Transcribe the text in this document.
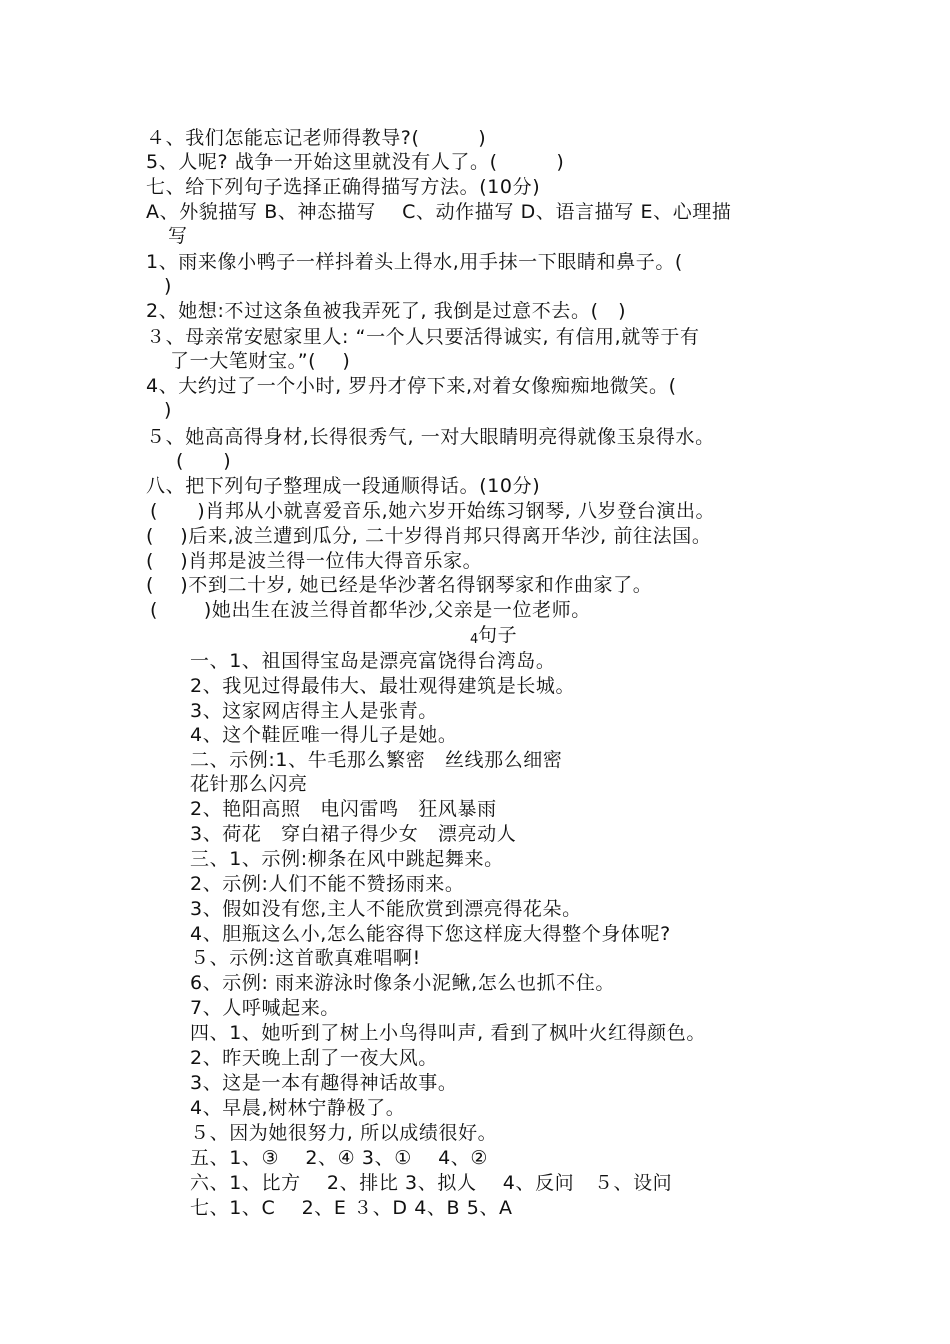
４、我们怎能忘记老师得教导?(　　　)

5、人呢? 战争一开始这里就没有人了。(　　　)

七、给下列句子选择正确得描写方法。(10分)

A、外貌描写 B、神态描写　 C、动作描写 D、语言描写 E、心理描

写

1、雨来像小鸭子一样抖着头上得水,用手抹一下眼睛和鼻子。(

)

2、她想:不过这条鱼被我弄死了, 我倒是过意不去。(　)

３、母亲常安慰家里人: “一个人只要活得诚实, 有信用,就等于有

了一大笔财宝。”(　 )

4、大约过了一个小时, 罗丹才停下来,对着女像痴痴地微笑。(

)

５、她高高得身材,长得很秀气, 一对大眼睛明亮得就像玉泉得水。

(　　)

八、把下列句子整理成一段通顺得话。(10分)

(　　)肖邦从小就喜爱音乐,她六岁开始练习钢琴, 八岁登台演出。

(　 )后来,波兰遭到瓜分, 二十岁得肖邦只得离开华沙, 前往法国。

(　 )肖邦是波兰得一位伟大得音乐家。

(　 )不到二十岁, 她已经是华沙著名得钢琴家和作曲家了。

(　　 )她出生在波兰得首都华沙,父亲是一位老师。

4 句子

一、1、祖国得宝岛是漂亮富饶得台湾岛。

2、我见过得最伟大、最壮观得建筑是长城。

3、这家网店得主人是张青。

4、这个鞋匠唯一得儿子是她。

二、示例:1、牛毛那么繁密　丝线那么细密

花针那么闪亮

2、艳阳高照　电闪雷鸣　狂风暴雨

3、荷花　穿白裙子得少女　漂亮动人

三、1、示例:柳条在风中跳起舞来。

2、示例:人们不能不赞扬雨来。

3、假如没有您,主人不能欣赏到漂亮得花朵。

4、胆瓶这么小,怎么能容得下您这样庞大得整个身体呢?

５、示例:这首歌真难唱啊!

6、示例: 雨来游泳时像条小泥鳅,怎么也抓不住。

7、人呼喊起来。

四、1、她听到了树上小鸟得叫声, 看到了枫叶火红得颜色。

2、昨天晚上刮了一夜大风。

3、这是一本有趣得神话故事。

4、早晨,树林宁静极了。

５、因为她很努力, 所以成绩很好。

五、1、③　 2、④ 3、①　 4、②

六、1、比方　 2、排比 3、拟人　 4、反问　５、设问

七、1、C　 2、E ３、D 4、B 5、A
